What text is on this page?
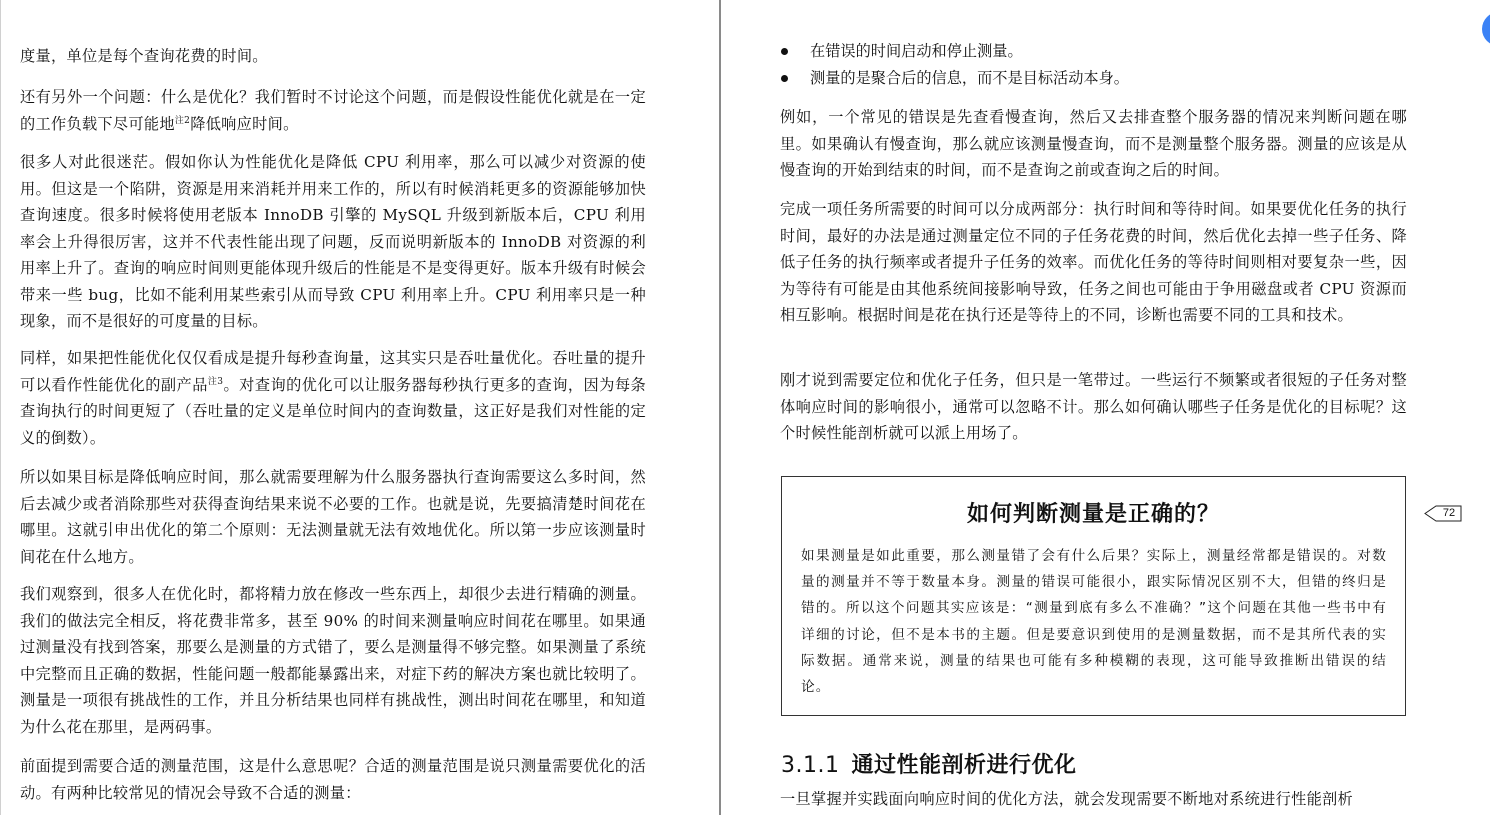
度量，单位是每个查询花费的时间。

还有另外一个问题：什么是优化？我们暂时不讨论这个问题，而是假设性能优化就是在一定的工作负载下尽可能地$^{注2}$降低响应时间。

很多人对此很迷茫。假如你认为性能优化是降低 CPU 利用率，那么可以减少对资源的使用。但这是一个陷阱，资源是用来消耗并用来工作的，所以有时候消耗更多的资源能够加快查询速度。很多时候将使用老版本 InnoDB 引擎的 MySQL 升级到新版本后，CPU 利用率会上升得很厉害，这并不代表性能出现了问题，反而说明新版本的 InnoDB 对资源的利用率上升了。查询的响应时间则更能体现升级后的性能是不是变得更好。版本升级有时候会带来一些 bug，比如不能利用某些索引从而导致 CPU 利用率上升。CPU 利用率只是一种现象，而不是很好的可度量的目标。

同样，如果把性能优化仅仅看成是提升每秒查询量，这其实只是吞吐量优化。吞吐量的提升可以看作性能优化的副产品$^{注3}$。对查询的优化可以让服务器每秒执行更多的查询，因为每条查询执行的时间更短了（吞吐量的定义是单位时间内的查询数量，这正好是我们对性能的定义的倒数）。

所以如果目标是降低响应时间，那么就需要理解为什么服务器执行查询需要这么多时间，然后去减少或者消除那些对获得查询结果来说不必要的工作。也就是说，先要搞清楚时间花在哪里。这就引申出优化的第二个原则：无法测量就无法有效地优化。所以第一步应该测量时间花在什么地方。

我们观察到，很多人在优化时，都将精力放在修改一些东西上，却很少去进行精确的测量。我们的做法完全相反，将花费非常多，甚至 90% 的时间来测量响应时间花在哪里。如果通过测量没有找到答案，那要么是测量的方式错了，要么是测量得不够完整。如果测量了系统中完整而且正确的数据，性能问题一般都能暴露出来，对症下药的解决方案也就比较明了。测量是一项很有挑战性的工作，并且分析结果也同样有挑战性，测出时间花在哪里，和知道为什么花在那里，是两码事。

前面提到需要合适的测量范围，这是什么意思呢？合适的测量范围是说只测量需要优化的活动。有两种比较常见的情况会导致不合适的测量：

在错误的时间启动和停止测量。
测量的是聚合后的信息，而不是目标活动本身。

例如，一个常见的错误是先查看慢查询，然后又去排查整个服务器的情况来判断问题在哪里。如果确认有慢查询，那么就应该测量慢查询，而不是测量整个服务器。测量的应该是从慢查询的开始到结束的时间，而不是查询之前或查询之后的时间。

完成一项任务所需要的时间可以分成两部分：执行时间和等待时间。如果要优化任务的执行时间，最好的办法是通过测量定位不同的子任务花费的时间，然后优化去掉一些子任务、降低子任务的执行频率或者提升子任务的效率。而优化任务的等待时间则相对要复杂一些，因为等待有可能是由其他系统间接影响导致，任务之间也可能由于争用磁盘或者 CPU 资源而相互影响。根据时间是花在执行还是等待上的不同，诊断也需要不同的工具和技术。

刚才说到需要定位和优化子任务，但只是一笔带过。一些运行不频繁或者很短的子任务对整体响应时间的影响很小，通常可以忽略不计。那么如何确认哪些子任务是优化的目标呢？这个时候性能剖析就可以派上用场了。

如何判断测量是正确的？

如果测量是如此重要，那么测量错了会有什么后果？实际上，测量经常都是错误的。对数量的测量并不等于数量本身。测量的错误可能很小，跟实际情况区别不大，但错的终归是错的。所以这个问题其实应该是：“测量到底有多么不准确？”这个问题在其他一些书中有详细的讨论，但不是本书的主题。但是要意识到使用的是测量数据，而不是其所代表的实际数据。通常来说，测量的结果也可能有多种模糊的表现，这可能导致推断出错误的结论。

72
3.1.1 通过性能剖析进行优化

一旦掌握并实践面向响应时间的优化方法，就会发现需要不断地对系统进行性能剖析
